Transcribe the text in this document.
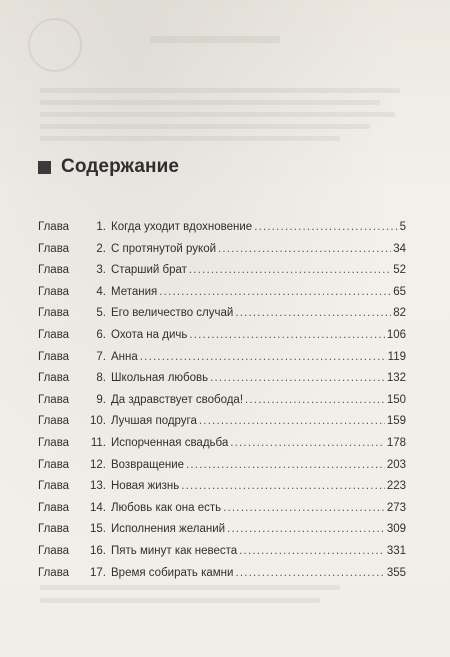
Содержание
Глава	1. Когда уходит вдохновение .....	5
Глава	2. С протянутой рукой .....	34
Глава	3. Старший брат .....	52
Глава	4. Метания .....	65
Глава	5. Его величество случай .....	82
Глава	6. Охота на дичь .....	106
Глава	7. Анна .....	119
Глава	8. Школьная любовь .....	132
Глава	9. Да здравствует свобода! .....	150
Глава	10. Лучшая подруга .....	159
Глава	11. Испорченная свадьба .....	178
Глава	12. Возвращение .....	203
Глава	13. Новая жизнь .....	223
Глава	14. Любовь как она есть .....	273
Глава	15. Исполнения желаний .....	309
Глава	16. Пять минут как невеста .....	331
Глава	17. Время собирать камни .....	355
